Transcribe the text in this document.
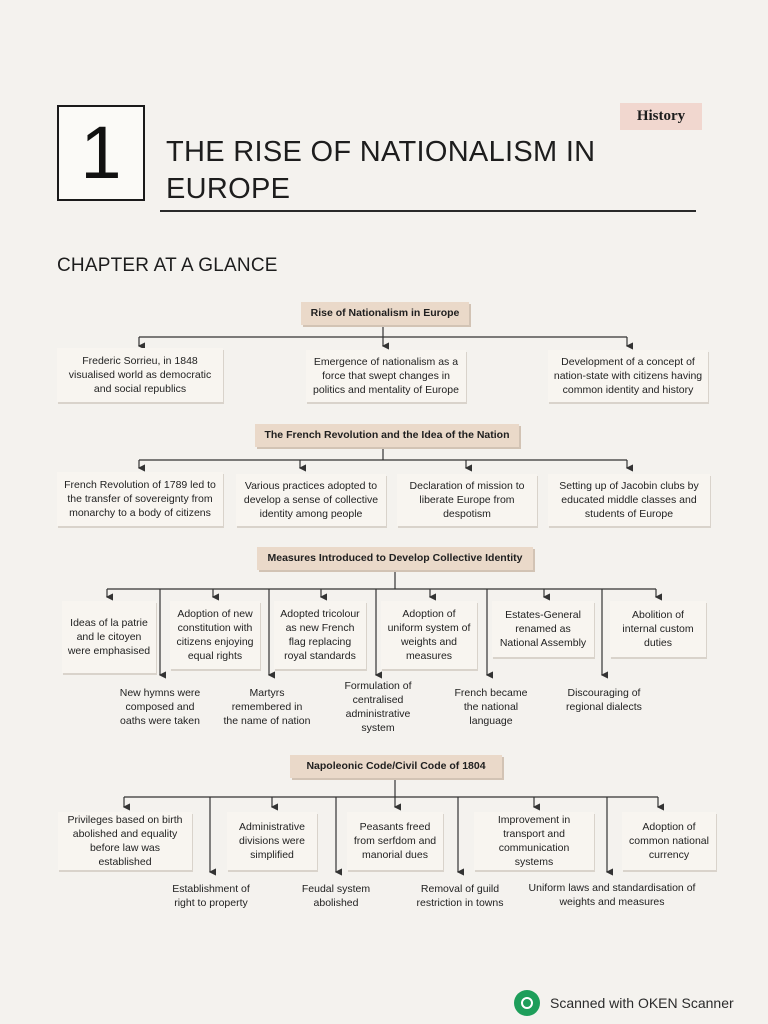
1	THE RISE OF NATIONALISM IN EUROPE
History
CHAPTER AT A GLANCE
Rise of Nationalism in Europe
Frederic Sorrieu, in 1848 visualised world as democratic and social republics
Emergence of nationalism as a force that swept changes in politics and mentality of Europe
Development of a concept of nation-state with citizens having common identity and history
The French Revolution and the Idea of the Nation
French Revolution of 1789 led to the transfer of sovereignty from monarchy to a body of citizens
Various practices adopted to develop a sense of collective identity among people
Declaration of mission to liberate Europe from despotism
Setting up of Jacobin clubs by educated middle classes and students of Europe
Measures Introduced to Develop Collective Identity
Ideas of la patrie and le citoyen were emphasised
Adoption of new constitution with citizens enjoying equal rights
Adopted tricolour as new French flag replacing royal standards
Adoption of uniform system of weights and measures
Estates-General renamed as National Assembly
Abolition of internal custom duties
New hymns were composed and oaths were taken
Martyrs remembered in the name of nation
Formulation of centralised administrative system
French became the national language
Discouraging of regional dialects
Napoleonic Code/Civil Code of 1804
Privileges based on birth abolished and equality before law was established
Administrative divisions were simplified
Peasants freed from serfdom and manorial dues
Improvement in transport and communication systems
Adoption of common national currency
Establishment of right to property
Feudal system abolished
Removal of guild restriction in towns
Uniform laws and standardisation of weights and measures
Scanned with OKEN Scanner
